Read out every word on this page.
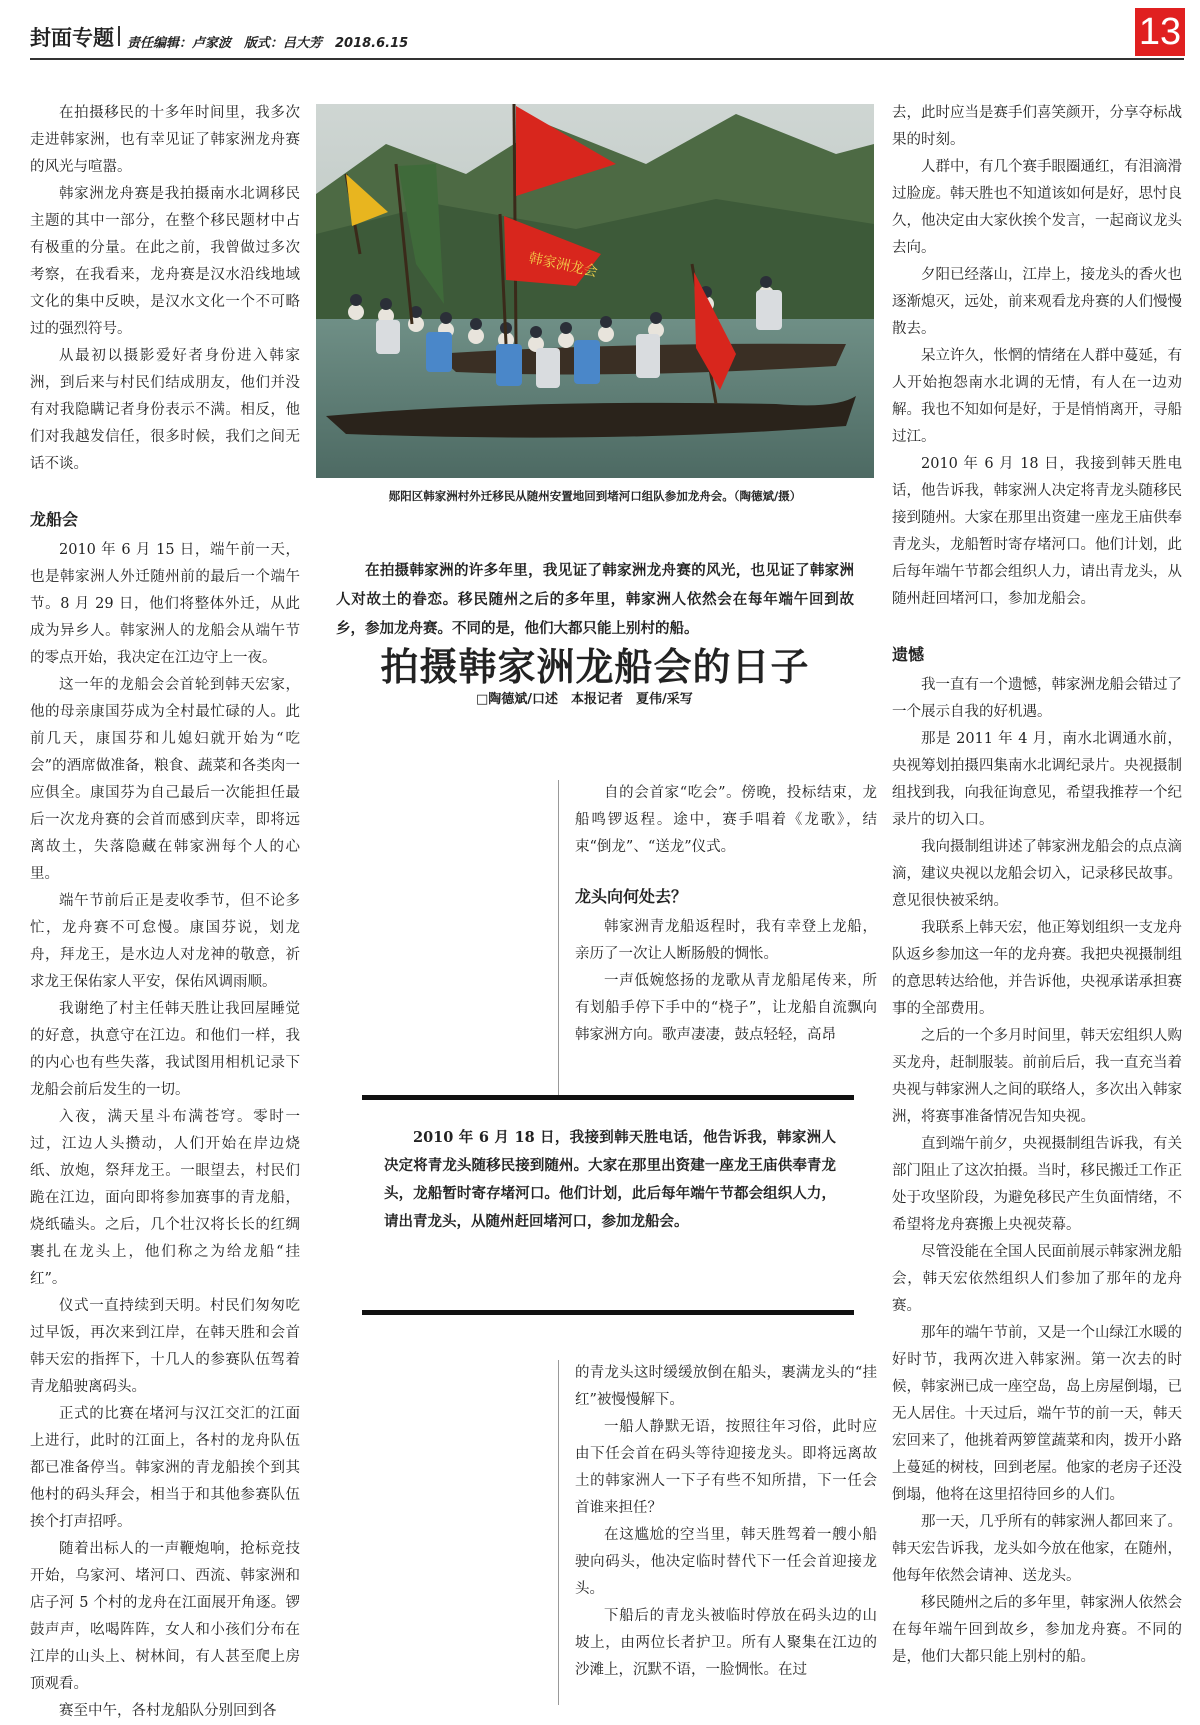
封面专题 责任编辑：卢家波　版式：吕大芳　2018.6.15	13

在拍摄移民的十多年时间里，我多次走进韩家洲，也有幸见证了韩家洲龙舟赛的风光与喧嚣。

韩家洲龙舟赛是我拍摄南水北调移民主题的其中一部分，在整个移民题材中占有极重的分量。在此之前，我曾做过多次考察，在我看来，龙舟赛是汉水沿线地域文化的集中反映，是汉水文化一个不可略过的强烈符号。

从最初以摄影爱好者身份进入韩家洲，到后来与村民们结成朋友，他们并没有对我隐瞒记者身份表示不满。相反，他们对我越发信任，很多时候，我们之间无话不谈。

龙船会

2010 年 6 月 15 日，端午前一天，也是韩家洲人外迁随州前的最后一个端午节。8 月 29 日，他们将整体外迁，从此成为异乡人。韩家洲人的龙船会从端午节的零点开始，我决定在江边守上一夜。

这一年的龙船会会首轮到韩天宏家，他的母亲康国芬成为全村最忙碌的人。此前几天，康国芬和儿媳妇就开始为“吃会”的酒席做准备，粮食、蔬菜和各类肉一应俱全。康国芬为自己最后一次能担任最后一次龙舟赛的会首而感到庆幸，即将远离故土，失落隐藏在韩家洲每个人的心里。

端午节前后正是麦收季节，但不论多忙，龙舟赛不可怠慢。康国芬说，划龙舟，拜龙王，是水边人对龙神的敬意，祈求龙王保佑家人平安，保佑风调雨顺。

我谢绝了村主任韩天胜让我回屋睡觉的好意，执意守在江边。和他们一样，我的内心也有些失落，我试图用相机记录下龙船会前后发生的一切。

入夜，满天星斗布满苍穹。零时一过，江边人头攒动，人们开始在岸边烧纸、放炮，祭拜龙王。一眼望去，村民们跪在江边，面向即将参加赛事的青龙船，烧纸磕头。之后，几个壮汉将长长的红绸裹扎在龙头上，他们称之为给龙船“挂红”。

仪式一直持续到天明。村民们匆匆吃过早饭，再次来到江岸，在韩天胜和会首韩天宏的指挥下，十几人的参赛队伍驾着青龙船驶离码头。

正式的比赛在堵河与汉江交汇的江面上进行，此时的江面上，各村的龙舟队伍都已准备停当。韩家洲的青龙船挨个到其他村的码头拜会，相当于和其他参赛队伍挨个打声招呼。

随着出标人的一声鞭炮响，抢标竞技开始，乌家河、堵河口、西流、韩家洲和店子河 5 个村的龙舟在江面展开角逐。锣鼓声声，吆喝阵阵，女人和小孩们分布在江岸的山头上、树林间，有人甚至爬上房顶观看。

赛至中午，各村龙船队分别回到各

韩家洲龙会
郧阳区韩家洲村外迁移民从随州安置地回到堵河口组队参加龙舟会。（陶德斌/摄）
在拍摄韩家洲的许多年里，我见证了韩家洲龙舟赛的风光，也见证了韩家洲人对故土的眷恋。移民随州之后的多年里，韩家洲人依然会在每年端午回到故乡，参加龙舟赛。不同的是，他们大都只能上别村的船。
拍摄韩家洲龙船会的日子
□陶德斌/口述　本报记者　夏伟/采写

自的会首家“吃会”。傍晚，投标结束，龙船鸣锣返程。途中，赛手唱着《龙歌》，结束“倒龙”、“送龙”仪式。

龙头向何处去？

韩家洲青龙船返程时，我有幸登上龙船，亲历了一次让人断肠般的惆怅。

一声低婉悠扬的龙歌从青龙船尾传来，所有划船手停下手中的“桡子”，让龙船自流飘向韩家洲方向。歌声凄凄，鼓点轻轻，高昂

2010 年 6 月 18 日，我接到韩天胜电话，他告诉我，韩家洲人决定将青龙头随移民接到随州。大家在那里出资建一座龙王庙供奉青龙头，龙船暂时寄存堵河口。他们计划，此后每年端午节都会组织人力，请出青龙头，从随州赶回堵河口，参加龙船会。

的青龙头这时缓缓放倒在船头，裹满龙头的“挂红”被慢慢解下。

一船人静默无语，按照往年习俗，此时应由下任会首在码头等待迎接龙头。即将远离故土的韩家洲人一下子有些不知所措，下一任会首谁来担任？

在这尴尬的空当里，韩天胜驾着一艘小船驶向码头，他决定临时替代下一任会首迎接龙头。

下船后的青龙头被临时停放在码头边的山坡上，由两位长者护卫。所有人聚集在江边的沙滩上，沉默不语，一脸惆怅。在过

去，此时应当是赛手们喜笑颜开，分享夺标战果的时刻。

人群中，有几个赛手眼圈通红，有泪滴滑过脸庞。韩天胜也不知道该如何是好，思忖良久，他决定由大家伙挨个发言，一起商议龙头去向。

夕阳已经落山，江岸上，接龙头的香火也逐渐熄灭，远处，前来观看龙舟赛的人们慢慢散去。

呆立许久，怅惘的情绪在人群中蔓延，有人开始抱怨南水北调的无情，有人在一边劝解。我也不知如何是好，于是悄悄离开，寻船过江。

2010 年 6 月 18 日，我接到韩天胜电话，他告诉我，韩家洲人决定将青龙头随移民接到随州。大家在那里出资建一座龙王庙供奉青龙头，龙船暂时寄存堵河口。他们计划，此后每年端午节都会组织人力，请出青龙头，从随州赶回堵河口，参加龙船会。

遗憾

我一直有一个遗憾，韩家洲龙船会错过了一个展示自我的好机遇。

那是 2011 年 4 月，南水北调通水前，央视筹划拍摄四集南水北调纪录片。央视摄制组找到我，向我征询意见，希望我推荐一个纪录片的切入口。

我向摄制组讲述了韩家洲龙船会的点点滴滴，建议央视以龙船会切入，记录移民故事。意见很快被采纳。

我联系上韩天宏，他正筹划组织一支龙舟队返乡参加这一年的龙舟赛。我把央视摄制组的意思转达给他，并告诉他，央视承诺承担赛事的全部费用。

之后的一个多月时间里，韩天宏组织人购买龙舟，赶制服装。前前后后，我一直充当着央视与韩家洲人之间的联络人，多次出入韩家洲，将赛事准备情况告知央视。

直到端午前夕，央视摄制组告诉我，有关部门阻止了这次拍摄。当时，移民搬迁工作正处于攻坚阶段，为避免移民产生负面情绪，不希望将龙舟赛搬上央视荧幕。

尽管没能在全国人民面前展示韩家洲龙船会，韩天宏依然组织人们参加了那年的龙舟赛。

那年的端午节前，又是一个山绿江水暖的好时节，我两次进入韩家洲。第一次去的时候，韩家洲已成一座空岛，岛上房屋倒塌，已无人居住。十天过后，端午节的前一天，韩天宏回来了，他挑着两箩筐蔬菜和肉，拨开小路上蔓延的树枝，回到老屋。他家的老房子还没倒塌，他将在这里招待回乡的人们。

那一天，几乎所有的韩家洲人都回来了。韩天宏告诉我，龙头如今放在他家，在随州，他每年依然会请神、送龙头。

移民随州之后的多年里，韩家洲人依然会在每年端午回到故乡，参加龙舟赛。不同的是，他们大都只能上别村的船。
